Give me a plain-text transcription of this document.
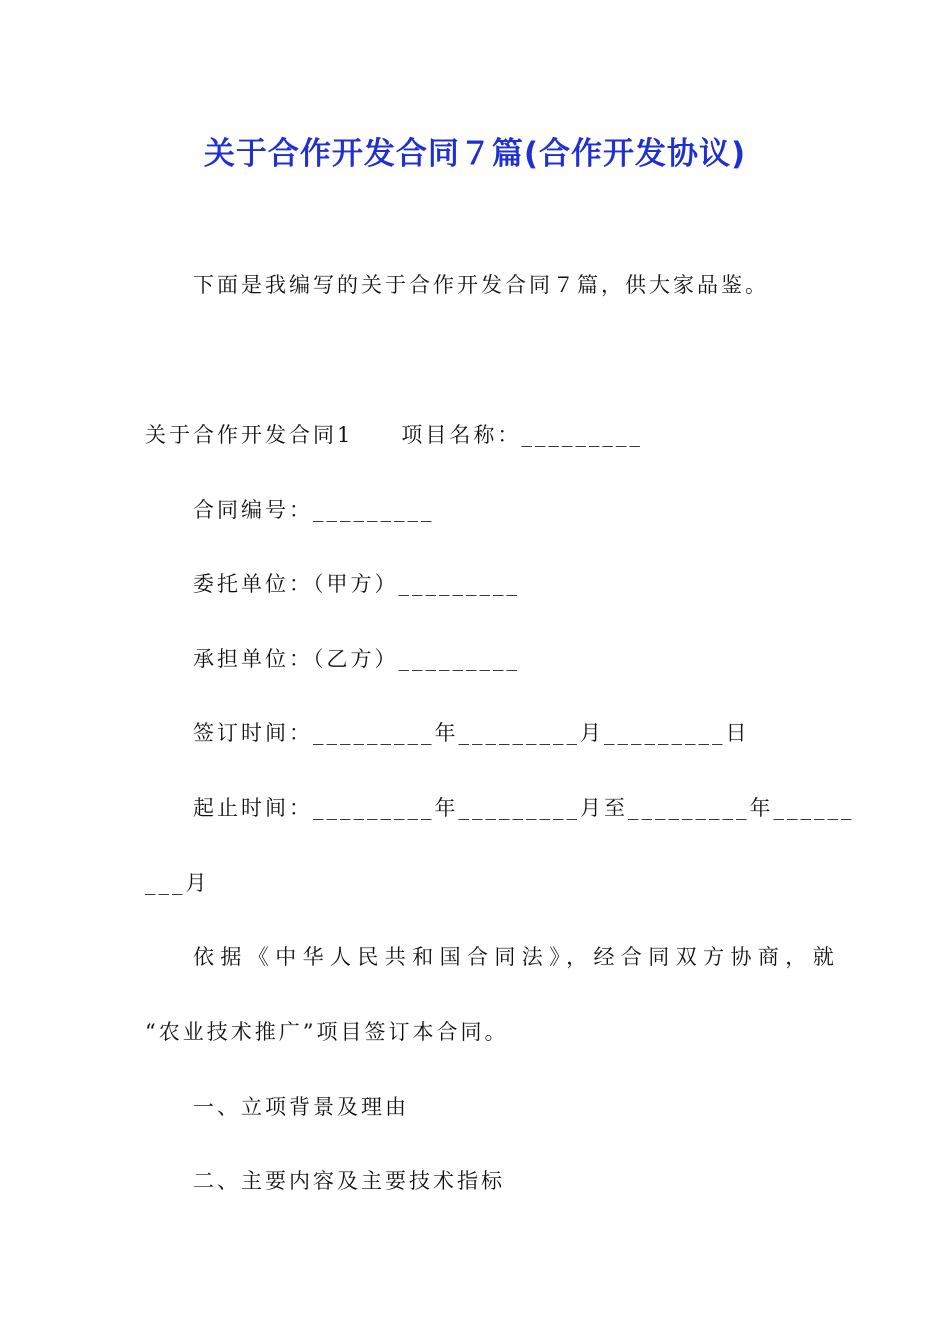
关于合作开发合同７篇(合作开发协议)
下面是我编写的关于合作开发合同７篇，供大家品鉴。
关于合作开发合同1　　项目名称：_________
合同编号：_________
委托单位：（甲方）_________
承担单位：（乙方）_________
签订时间：_________年_________月_________日
起止时间：_________年_________月至_________年______
___月
依据《中华人民共和国合同法》，经合同双方协商，就
“农业技术推广”项目签订本合同。
一、立项背景及理由
二、主要内容及主要技术指标
